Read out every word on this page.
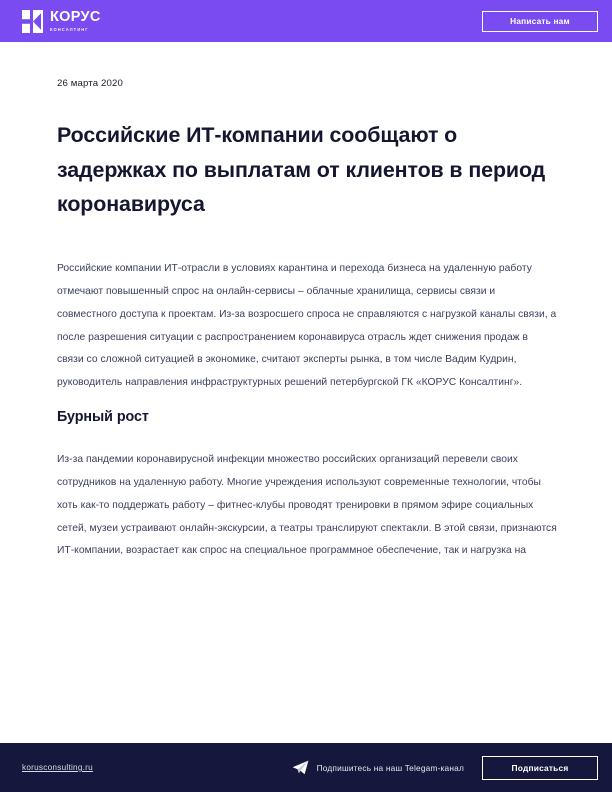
КОРУС
КОНСАЛТИНГ
Написать нам
26 марта 2020
Российские ИТ-компании сообщают о задержках по выплатам от клиентов в период коронавируса

Российские компании ИТ-отрасли в условиях карантина и перехода бизнеса на удаленную работу отмечают повышенный спрос на онлайн-сервисы – облачные хранилища, сервисы связи и совместного доступа к проектам. Из-за возросшего спроса не справляются с нагрузкой каналы связи, а после разрешения ситуации с распространением коронавируса отрасль ждет снижения продаж в связи со сложной ситуацией в экономике, считают эксперты рынка, в том числе Вадим Кудрин, руководитель направления инфраструктурных решений петербургской ГК «КОРУС Консалтинг».

Бурный рост

Из-за пандемии коронавирусной инфекции множество российских организаций перевели своих сотрудников на удаленную работу. Многие учреждения используют современные технологии, чтобы хоть как-то поддержать работу – фитнес-клубы проводят тренировки в прямом эфире социальных сетей, музеи устраивают онлайн-экскурсии, а театры транслируют спектакли. В этой связи, признаются ИТ-компании, возрастает как спрос на специальное программное обеспечение, так и нагрузка на

korusconsulting.ru	Подпишитесь на наш Telegam-канал	Подписаться
